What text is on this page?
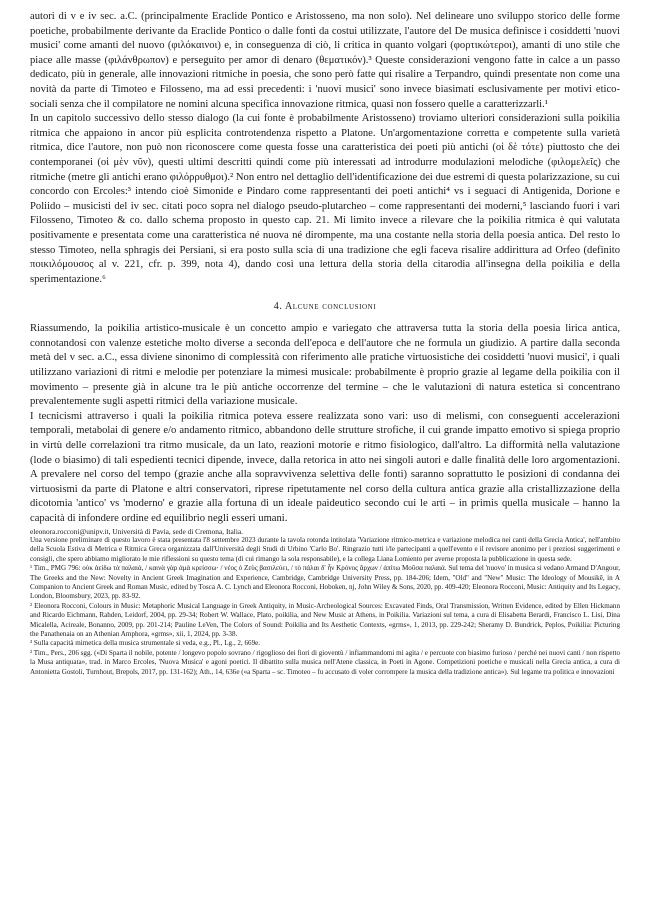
autori di v e iv sec. a.C. (principalmente Eraclide Pontico e Aristosseno, ma non solo). Nel delineare uno sviluppo storico delle forme poetiche, probabilmente derivante da Eraclide Pontico o dalle fonti da costui utilizzate, l'autore del De musica definisce i cosiddetti 'nuovi musici' come amanti del nuovo (φιλόκαινοι) e, in conseguenza di ciò, li critica in quanto volgari (φορτικώτεροι), amanti di uno stile che piace alle masse (φιλάνθρωπον) e perseguito per amor di denaro (θεματικόν).³ Queste considerazioni vengono fatte in calce a un passo dedicato, più in generale, alle innovazioni ritmiche in poesia, che sono però fatte qui risalire a Terpandro, quindi presentate non come una novità da parte di Timoteo e Filosseno, ma ad essi precedenti: i 'nuovi musici' sono invece biasimati esclusivamente per motivi etico-sociali senza che il compilatore ne nomini alcuna specifica innovazione ritmica, quasi non fossero quelle a caratterizzarli.¹

In un capitolo successivo dello stesso dialogo (la cui fonte è probabilmente Aristosseno) troviamo ulteriori considerazioni sulla poikilia ritmica che appaiono in ancor più esplicita controtendenza rispetto a Platone. Un'argomentazione corretta e competente sulla varietà ritmica, dice l'autore, non può non riconoscere come questa fosse una caratteristica dei poeti più antichi (οἱ δὲ τότε) piuttosto che dei contemporanei (οἱ μὲν νῦν), questi ultimi descritti quindi come più interessati ad introdurre modulazioni melodiche (φιλομελεῖς) che ritmiche (metre gli antichi erano φιλόρρυθμοι).² Non entro nel dettaglio dell'identificazione dei due estremi di questa polarizzazione, su cui concordo con Ercoles:³ intendo cioè Simonide e Pindaro come rappresentanti dei poeti antichi⁴ vs i seguaci di Antigenida, Dorione e Poliido – musicisti del iv sec. citati poco sopra nel dialogo pseudo-plutarcheo – come rappresentanti dei moderni,⁵ lasciando fuori i vari Filosseno, Timoteo & co. dallo schema proposto in questo cap. 21. Mi limito invece a rilevare che la poikilia ritmica è qui valutata positivamente e presentata come una caratteristica né nuova né dirompente, ma una costante nella storia della poesia antica. Del resto lo stesso Timoteo, nella sphragis dei Persiani, si era posto sulla scia di una tradizione che egli faceva risalire addirittura ad Orfeo (definito ποικιλόμουσος al v. 221, cfr. p. 399, nota 4), dando così una lettura della storia della citarodia all'insegna della poikilia e della sperimentazione.⁶

4. Alcune conclusioni

Riassumendo, la poikilia artistico-musicale è un concetto ampio e variegato che attraversa tutta la storia della poesia lirica antica, connotandosi con valenze estetiche molto diverse a seconda dell'epoca e dell'autore che ne formula un giudizio. A partire dalla seconda metà del v sec. a.C., essa diviene sinonimo di complessità con riferimento alle pratiche virtuosistiche dei cosiddetti 'nuovi musici', i quali utilizzano variazioni di ritmi e melodie per potenziare la mimesi musicale: probabilmente è proprio grazie al legame della poikilia con il movimento – presente già in alcune tra le più antiche occorrenze del termine – che le valutazioni di natura estetica si concentrano prevalentemente sugli aspetti ritmici della variazione musicale.

I tecnicismi attraverso i quali la poikilia ritmica poteva essere realizzata sono vari: uso di melismi, con conseguenti accelerazioni temporali, metabolai di genere e/o andamento ritmico, abbandono delle strutture strofiche, il cui grande impatto emotivo si spiega proprio in virtù delle correlazioni tra ritmo musicale, da un lato, reazioni motorie e ritmo fisiologico, dall'altro. La difformità nella valutazione (lode o biasimo) di tali espedienti tecnici dipende, invece, dalla retorica in atto nei singoli autori e dalle finalità delle loro argomentazioni. A prevalere nel corso del tempo (grazie anche alla sopravvivenza selettiva delle fonti) saranno soprattutto le posizioni di condanna dei virtuosismi da parte di Platone e altri conservatori, riprese ripetutamente nel corso della cultura antica grazie alla cristallizzazione della dicotomia 'antico' vs 'moderno' e grazie alla fortuna di un ideale paideutico secondo cui le arti – in primis quella musicale – hanno la capacità di infondere ordine ed equilibrio negli esseri umani.

eleonora.rocconi@unipv.it, Università di Pavia, sede di Cremona, Italia.

Una versione preliminare di questo lavoro è stata presentata l'8 settembre 2023 durante la tavola rotonda intitolata 'Variazione ritmico-metrica e variazione melodica nei canti della Grecia Antica', nell'ambito della Scuola Estiva di Metrica e Ritmica Greca organizzata dall'Università degli Studi di Urbino 'Carlo Bo'. Ringrazio tutti i/le partecipanti a quell'evento e il revisore anonimo per i preziosi suggerimenti e consigli, che spero abbiamo migliorato le mie riflessioni su questo tema (di cui rimango la sola responsabile), e la collega Liana Lomiento per averne proposta la pubblicazione in questa sede.

¹ Tim., PMG 796: οὐκ ἀείδω τὰ παλαιά, / καινὰ γὰρ ἀμὰ κρείσσω· / νέος ὁ Ζεὺς βασιλεύει, / τὸ πάλαι δ' ἦν Κρόνος ἄρχων / ἀπίτω Μοῦσα παλαιά. Sul tema del 'nuovo' in musica si vedano Armand D'Angour, The Greeks and the New: Novelty in Ancient Greek Imagination and Experience, Cambridge, Cambridge University Press, pp. 184-206; Idem, "Old" and "New" Music: The Ideology of Mousikē, in A Companion to Ancient Greek and Roman Music, edited by Tosca A. C. Lynch and Eleonora Rocconi, Hoboken, nj, John Wiley & Sons, 2020, pp. 409-420; Eleonora Rocconi, Music: Antiquity and Its Legacy, London, Bloomsbury, 2023, pp. 83-92.

² Eleonora Rocconi, Colours in Music: Metaphoric Musical Language in Greek Antiquity, in Music-Archeological Sources: Excavated Finds, Oral Transmission, Written Evidence, edited by Ellen Hickmann and Ricardo Eichmann, Rahden, Leidorf, 2004, pp. 29-34; Robert W. Wallace, Plato, poikilia, and New Music at Athens, in Poikilia. Variazioni sul tema, a cura di Elisabetta Berardi, Francisco L. Lisi, Dina Micalella, Acireale, Bonanno, 2009, pp. 201-214; Pauline LeVen, The Colors of Sound: Poikilia and Its Aesthetic Contexts, «grms», 1, 2013, pp. 229-242; Sheramy D. Bundrick, Peplos, Poikilia: Picturing the Panathenaia on an Athenian Amphora, «grms», xii, 1, 2024, pp. 3-38.

³ Sulla capacità mimetica della musica strumentale si veda, e.g., Pl., Lg., 2, 669e.

² Tim., Pers., 206 sgg. («Di Sparta il nobile, potente / longevo popolo sovrano / rigoglioso dei fiori di gioventù / infiammandomi mi agita / e percuote con biasimo furioso / perché nei nuovi canti / non rispetto la Musa antiquata», trad. in Marco Ercoles, 'Nuova Musica' e agoni poetici. Il dibattito sulla musica nell'Atene classica, in Poeti in Agone. Competizioni poetiche e musicali nella Grecia antica, a cura di Antonietta Gostoli, Turnhout, Brepols, 2017, pp. 131-162); Ath., 14, 636e («a Sparta – sc. Timoteo – fu accusato di voler corrompere la musica della tradizione antica»). Sul legame tra politica e innovazioni
